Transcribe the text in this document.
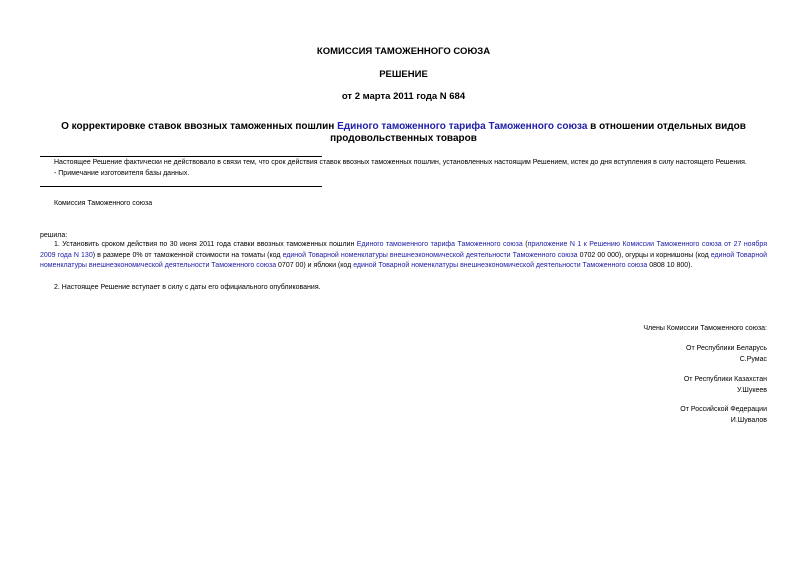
КОМИССИЯ ТАМОЖЕННОГО СОЮЗА
РЕШЕНИЕ
от 2 марта 2011 года N 684
О корректировке ставок ввозных таможенных пошлин Единого таможенного тарифа Таможенного союза в отношении отдельных видов продовольственных товаров
Настоящее Решение фактически не действовало в связи тем, что срок действия ставок ввозных таможенных пошлин, установленных настоящим Решением, истек до дня вступления в силу настоящего Решения.
- Примечание изготовителя базы данных.
Комиссия Таможенного союза
решила:
1. Установить сроком действия по 30 июня 2011 года ставки ввозных таможенных пошлин Единого таможенного тарифа Таможенного союза (приложение N 1 к Решению Комиссии Таможенного союза от 27 ноября 2009 года N 130) в размере 0% от таможенной стоимости на томаты (код единой Товарной номенклатуры внешнеэкономической деятельности Таможенного союза 0702 00 000), огурцы и корнишоны (код единой Товарной номенклатуры внешнеэкономической деятельности Таможенного союза 0707 00) и яблоки (код единой Товарной номенклатуры внешнеэкономической деятельности Таможенного союза 0808 10 800).
2. Настоящее Решение вступает в силу с даты его официального опубликования.
Члены Комиссии Таможенного союза:
От Республики Беларусь
С.Румас
От Республики Казахстан
У.Шукеев
От Российской Федерации
И.Шувалов
